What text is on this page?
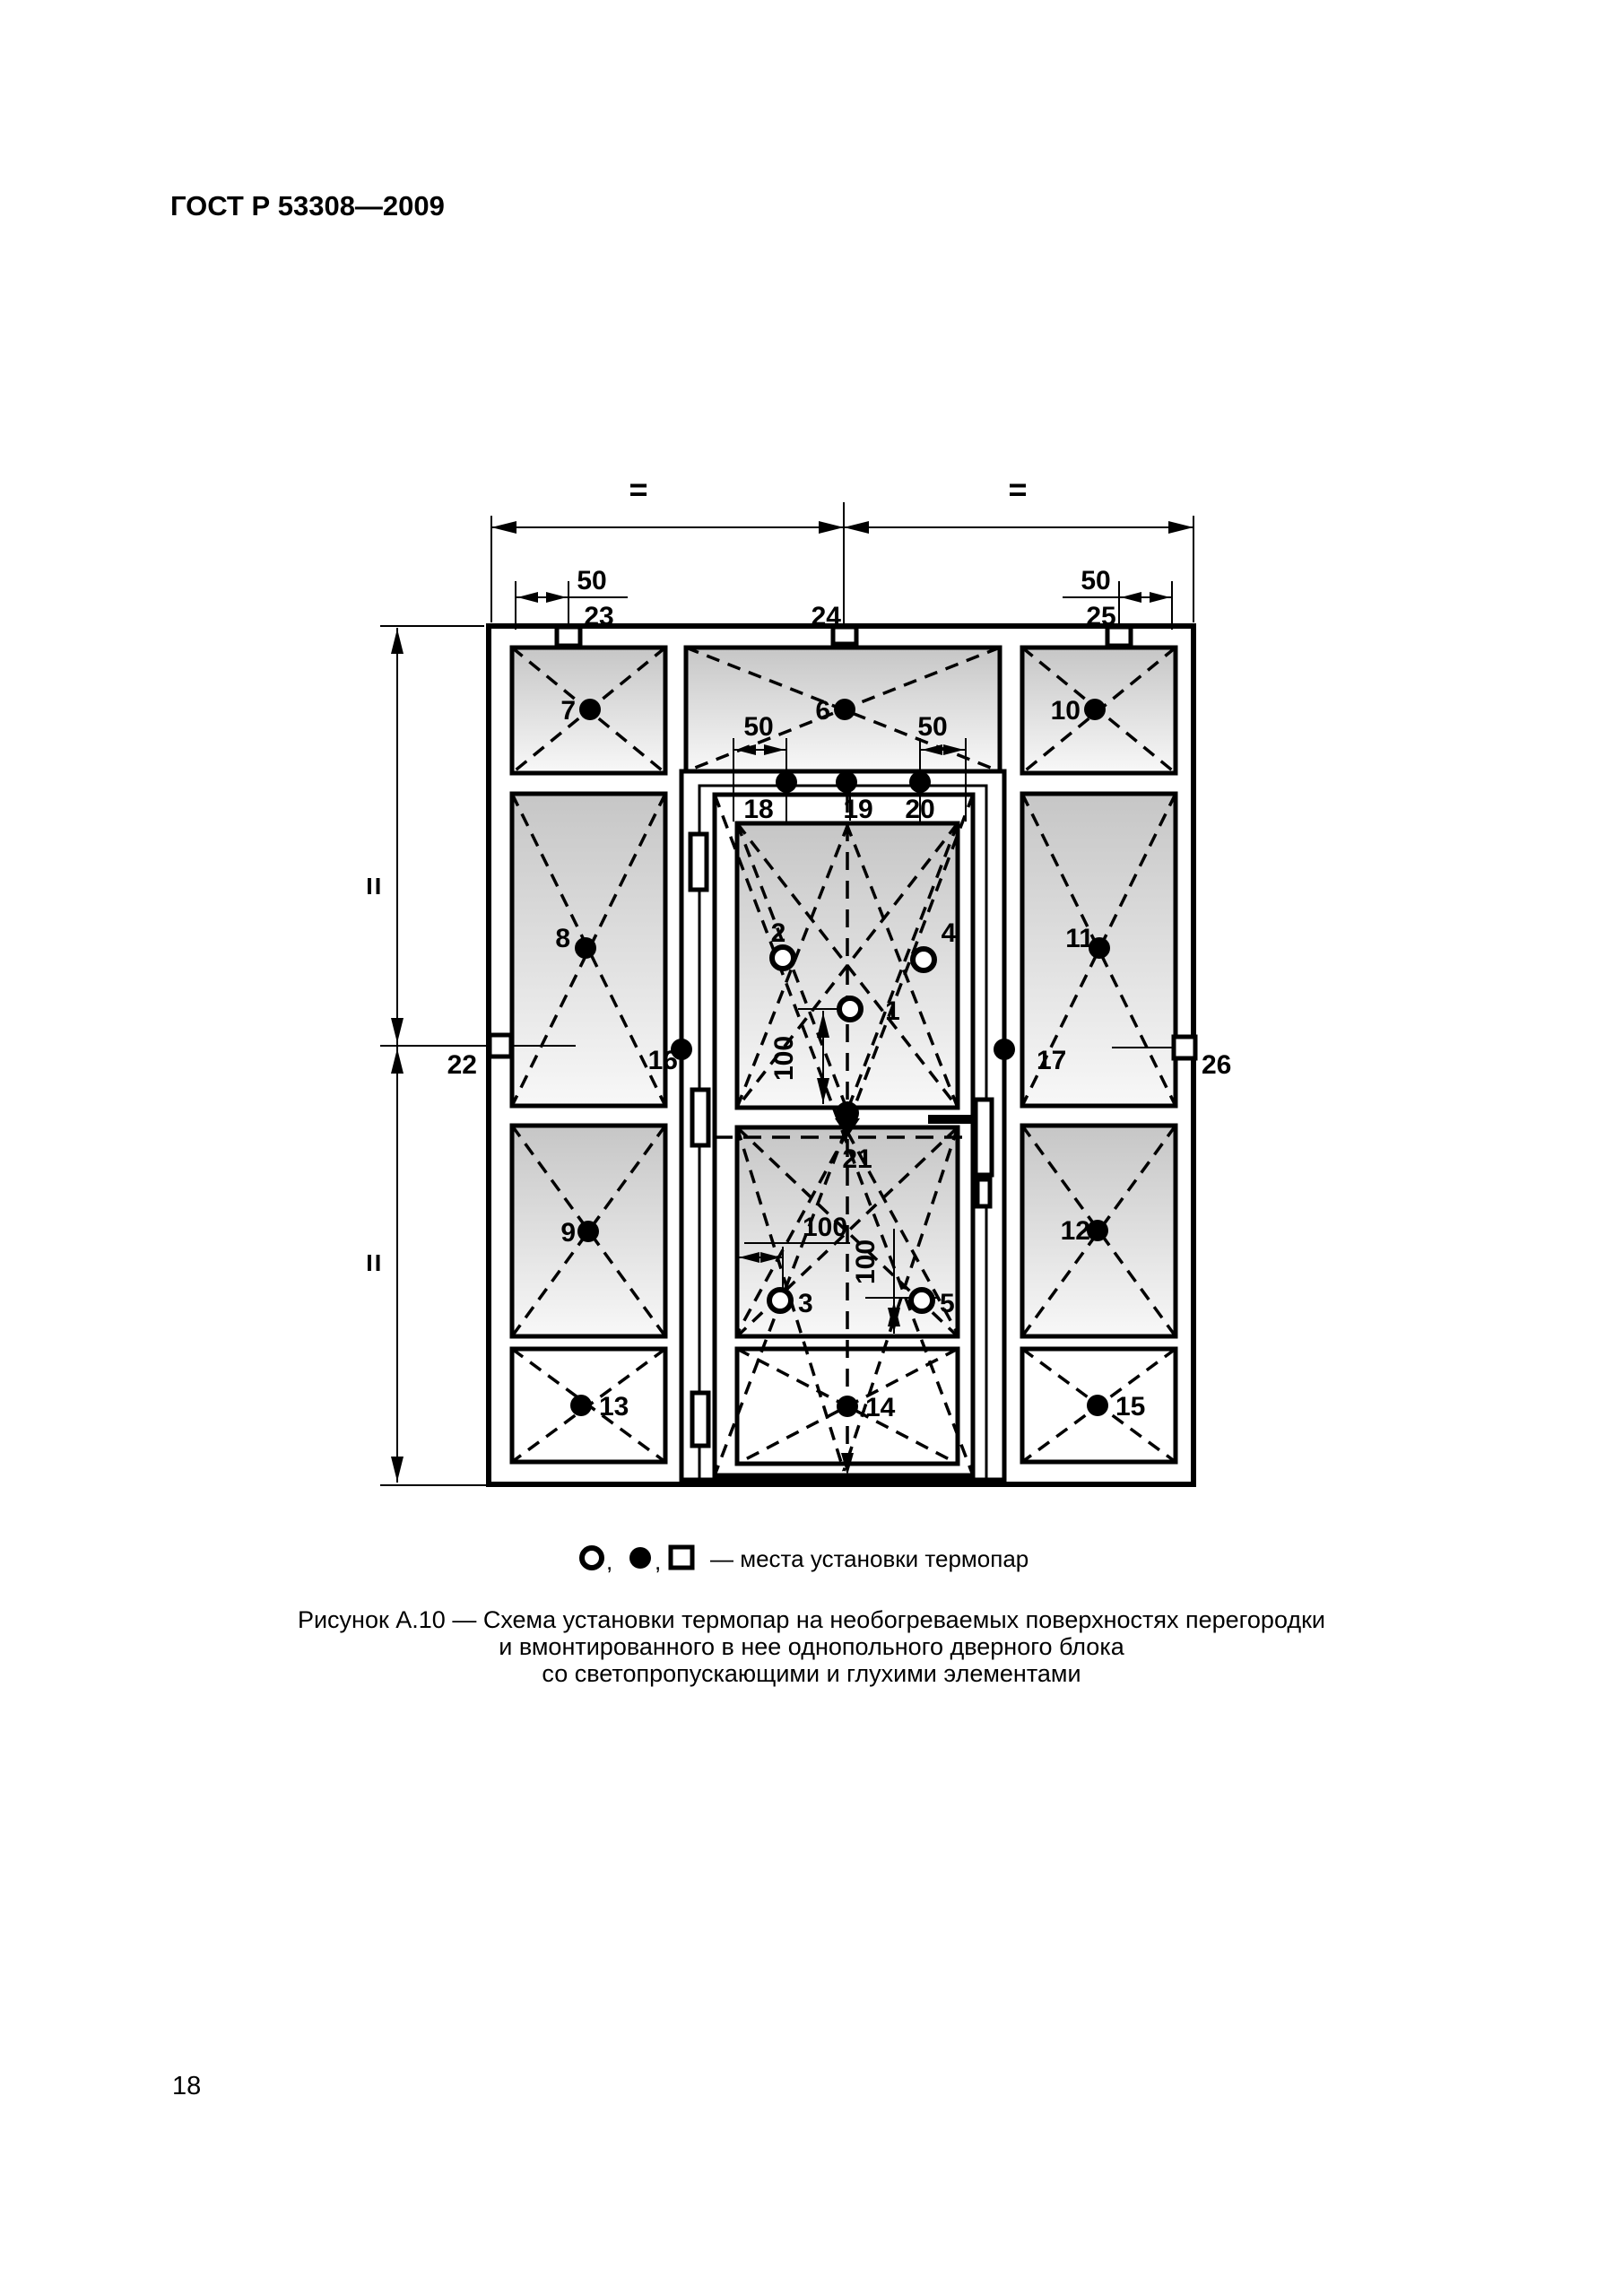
ГОСТ Р 53308—2009
18
=	=
50	50
=
=
50	50
100
100
100
7	6	10
8	11
9	12
13	14	15
16	17
18	19 20
21
1
2	4
3	5
22	26
23	24	25
, , — места установки термопар
Рисунок А.10 — Схема установки термопар на необогреваемых поверхностях перегородки
и вмонтированного в нее однопольного дверного блока
со светопропускающими и глухими элементами
